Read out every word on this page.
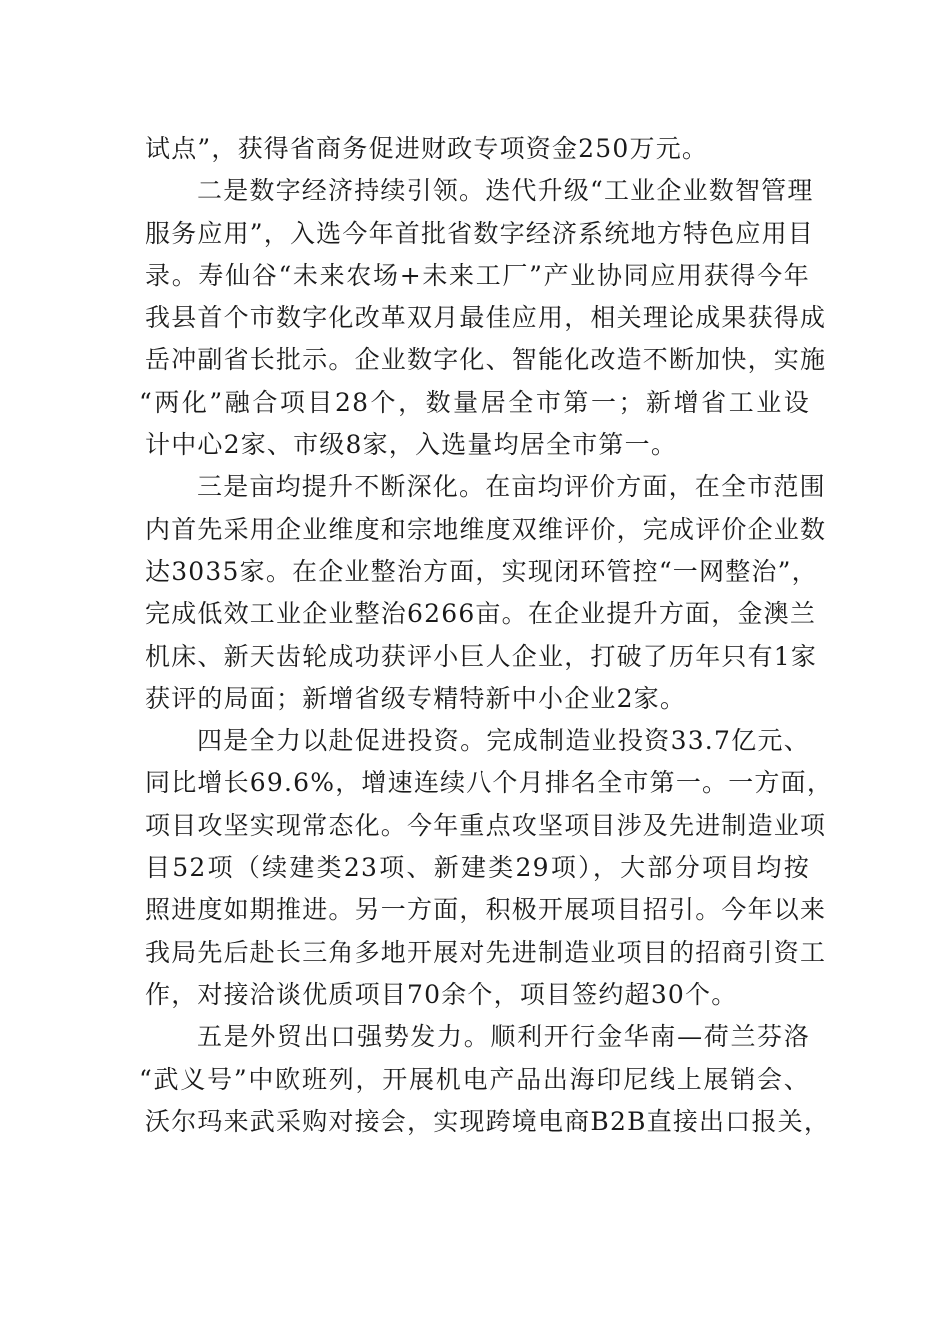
试点”，获得省商务促进财政专项资金250万元。
二是数字经济持续引领。迭代升级“工业企业数智管理
服务应用”，入选今年首批省数字经济系统地方特色应用目
录。寿仙谷“未来农场+未来工厂”产业协同应用获得今年
我县首个市数字化改革双月最佳应用，相关理论成果获得成
岳冲副省长批示。企业数字化、智能化改造不断加快，实施
“两化”融合项目28个，数量居全市第一；新增省工业设
计中心2家、市级8家，入选量均居全市第一。
三是亩均提升不断深化。在亩均评价方面，在全市范围
内首先采用企业维度和宗地维度双维评价，完成评价企业数
达3035家。在企业整治方面，实现闭环管控“一网整治”，
完成低效工业企业整治6266亩。在企业提升方面，金澳兰
机床、新天齿轮成功获评小巨人企业，打破了历年只有1家
获评的局面；新增省级专精特新中小企业2家。
四是全力以赴促进投资。完成制造业投资33.7亿元、
同比增长69.6%，增速连续八个月排名全市第一。一方面，
项目攻坚实现常态化。今年重点攻坚项目涉及先进制造业项
目52项（续建类23项、新建类29项），大部分项目均按
照进度如期推进。另一方面，积极开展项目招引。今年以来
我局先后赴长三角多地开展对先进制造业项目的招商引资工
作，对接洽谈优质项目70余个，项目签约超30个。
五是外贸出口强势发力。顺利开行金华南—荷兰芬洛
“武义号”中欧班列，开展机电产品出海印尼线上展销会、
沃尔玛来武采购对接会，实现跨境电商B2B直接出口报关，
